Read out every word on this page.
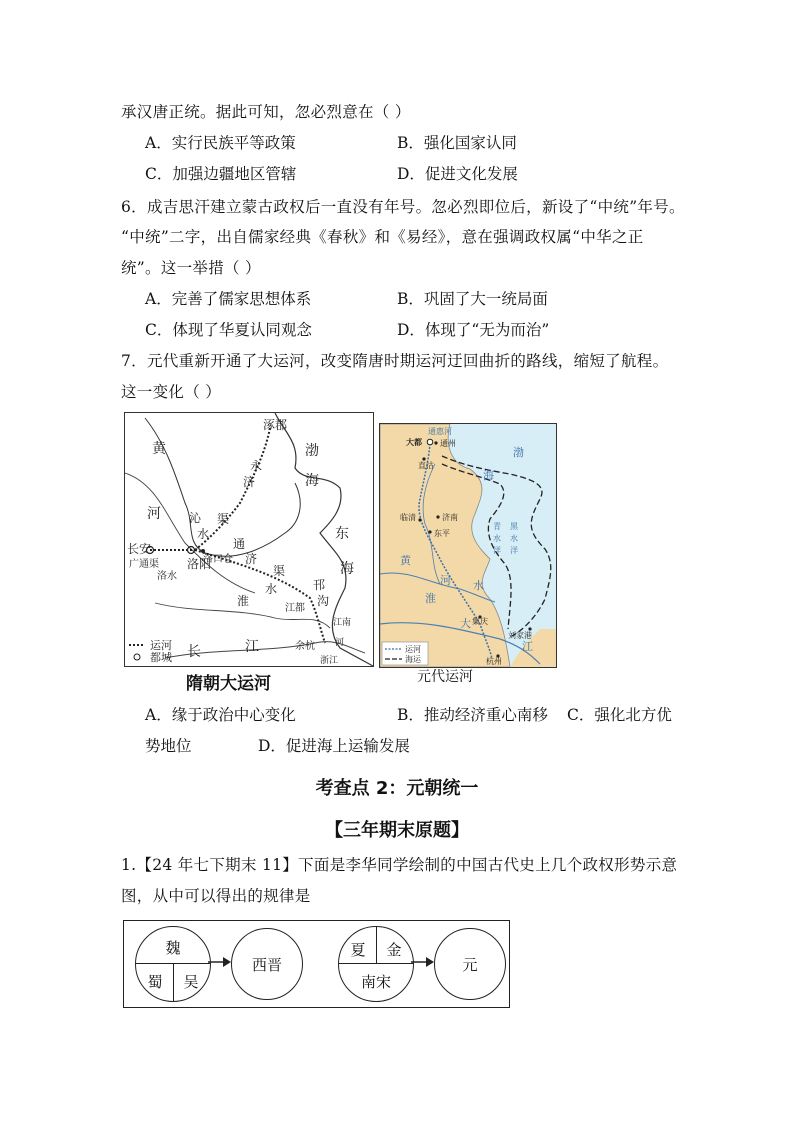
承汉唐正统。据此可知，忽必烈意在（ ）
A．实行民族平等政策	B．强化国家认同
C．加强边疆地区管辖	D．促进文化发展
6．成吉思汗建立蒙古政权后一直没有年号。忽必烈即位后，新设了“中统”年号。
“中统”二字，出自儒家经典《春秋》和《易经》，意在强调政权属“中华之正
统”。这一举措（ ）
A．完善了儒家思想体系	B．巩固了大一统局面
C．体现了华夏认同观念	D．体现了“无为而治”
7．元代重新开通了大运河，改变隋唐时期运河迂回曲折的路线，缩短了航程。
这一变化（ ）
运河
都城
涿郡
渤
海
黄
河
永
济
沁 渠
水	东
海
长安
洛阳
洛口仓
通
济
渠
广通渠
洛水
淮
水	邗
沟
江都
江南
河
余杭
长	江
浙江
隋朝大运河
运河
海运
通惠河
大都 通州
直沽
渤
海
临清	济南
东平
黄
河
青 黑
水 水
洋 洋
淮
水
集庆
刘家港
杭州
大
江
元代运河
A．缘于政治中心变化	B．推动经济重心南移 C．强化北方优
势地位	D．促进海上运输发展
考查点 2：元朝统一
【三年期末原题】
1.【24 年七下期末 11】下面是李华同学绘制的中国古代史上几个政权形势示意
图，从中可以得出的规律是
魏
蜀	吴
西晋
夏	金
南宋
元
